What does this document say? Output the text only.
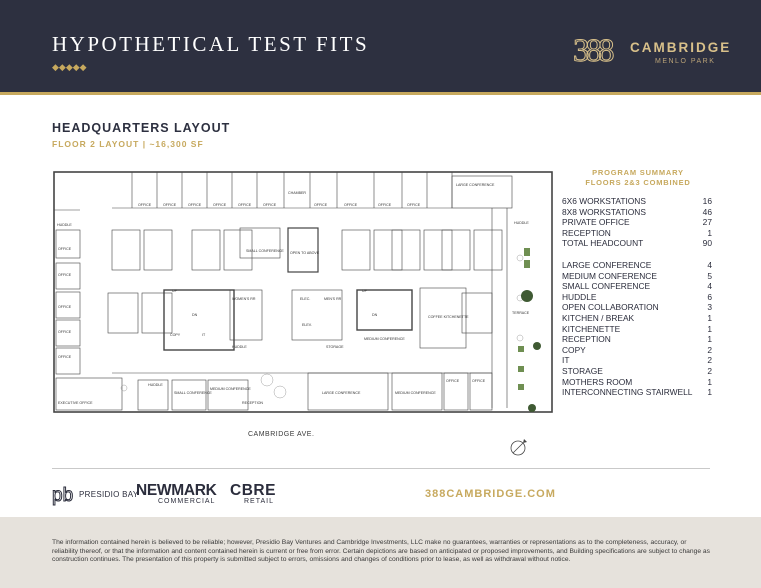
HYPOTHETICAL TEST FITS
◆◆◆◆◆	388 CAMBRIDGE
MENLO PARK
HEADQUARTERS LAYOUT
FLOOR 2 LAYOUT | ~16,300 SF
OFFICE	OFFICE	OFFICE	OFFICE	OFFICE	OFFICE
CHAMBER
OFFICE	OFFICE	OFFICE	OFFICE
LARGE CONFERENCE
HUDDLE	HUDDLE
OFFICE
OFFICE
OFFICE
OFFICE
OFFICE
EXECUTIVE OFFICE
SMALL CONFERENCE OPEN TO ABOVE
COPY	IT
WOMEN'S RR	MEN'S RR
ELEC.
ELEV.
STORAGE
MEDIUM CONFERENCE
COFFEE KITCHENETTE
TERRACE
UP	UP
DN	DN
HUDDLE
HUDDLE
SMALL CONFERENCE
MEDIUM CONFERENCE
LARGE CONFERENCE	MEDIUM CONFERENCE
OFFICE	OFFICE
RECEPTION
CAMBRIDGE AVE.
PROGRAM SUMMARY
FLOORS 2&3 COMBINED
6X6 WORKSTATIONS	16
8X8 WORKSTATIONS	46
PRIVATE OFFICE	27
RECEPTION	1
TOTAL HEADCOUNT	90
LARGE CONFERENCE	4
MEDIUM CONFERENCE	5
SMALL CONFERENCE	4
HUDDLE	6
OPEN COLLABORATION	3
KITCHEN / BREAK	1
KITCHENETTE	1
RECEPTION	1
COPY	2
IT	2
STORAGE	2
MOTHERS ROOM	1
INTERCONNECTING STAIRWELL 1
pb PRESIDIO BAY
NEWMARK
COMMERCIAL
CBRE
RETAIL
388CAMBRIDGE.COM
The information contained herein is believed to be reliable; however, Presidio Bay Ventures and Cambridge Investments, LLC make no guarantees, warranties or representations as to the completeness, accuracy, or reliability thereof, or that the information and content contained herein is current or free from error. Certain depictions are based on anticipated or proposed improvements, and Building specifications are subject to change as construction continues. The presentation of this property is submitted subject to errors, omissions and changes of conditions prior to lease, as well as withdrawal without notice.
